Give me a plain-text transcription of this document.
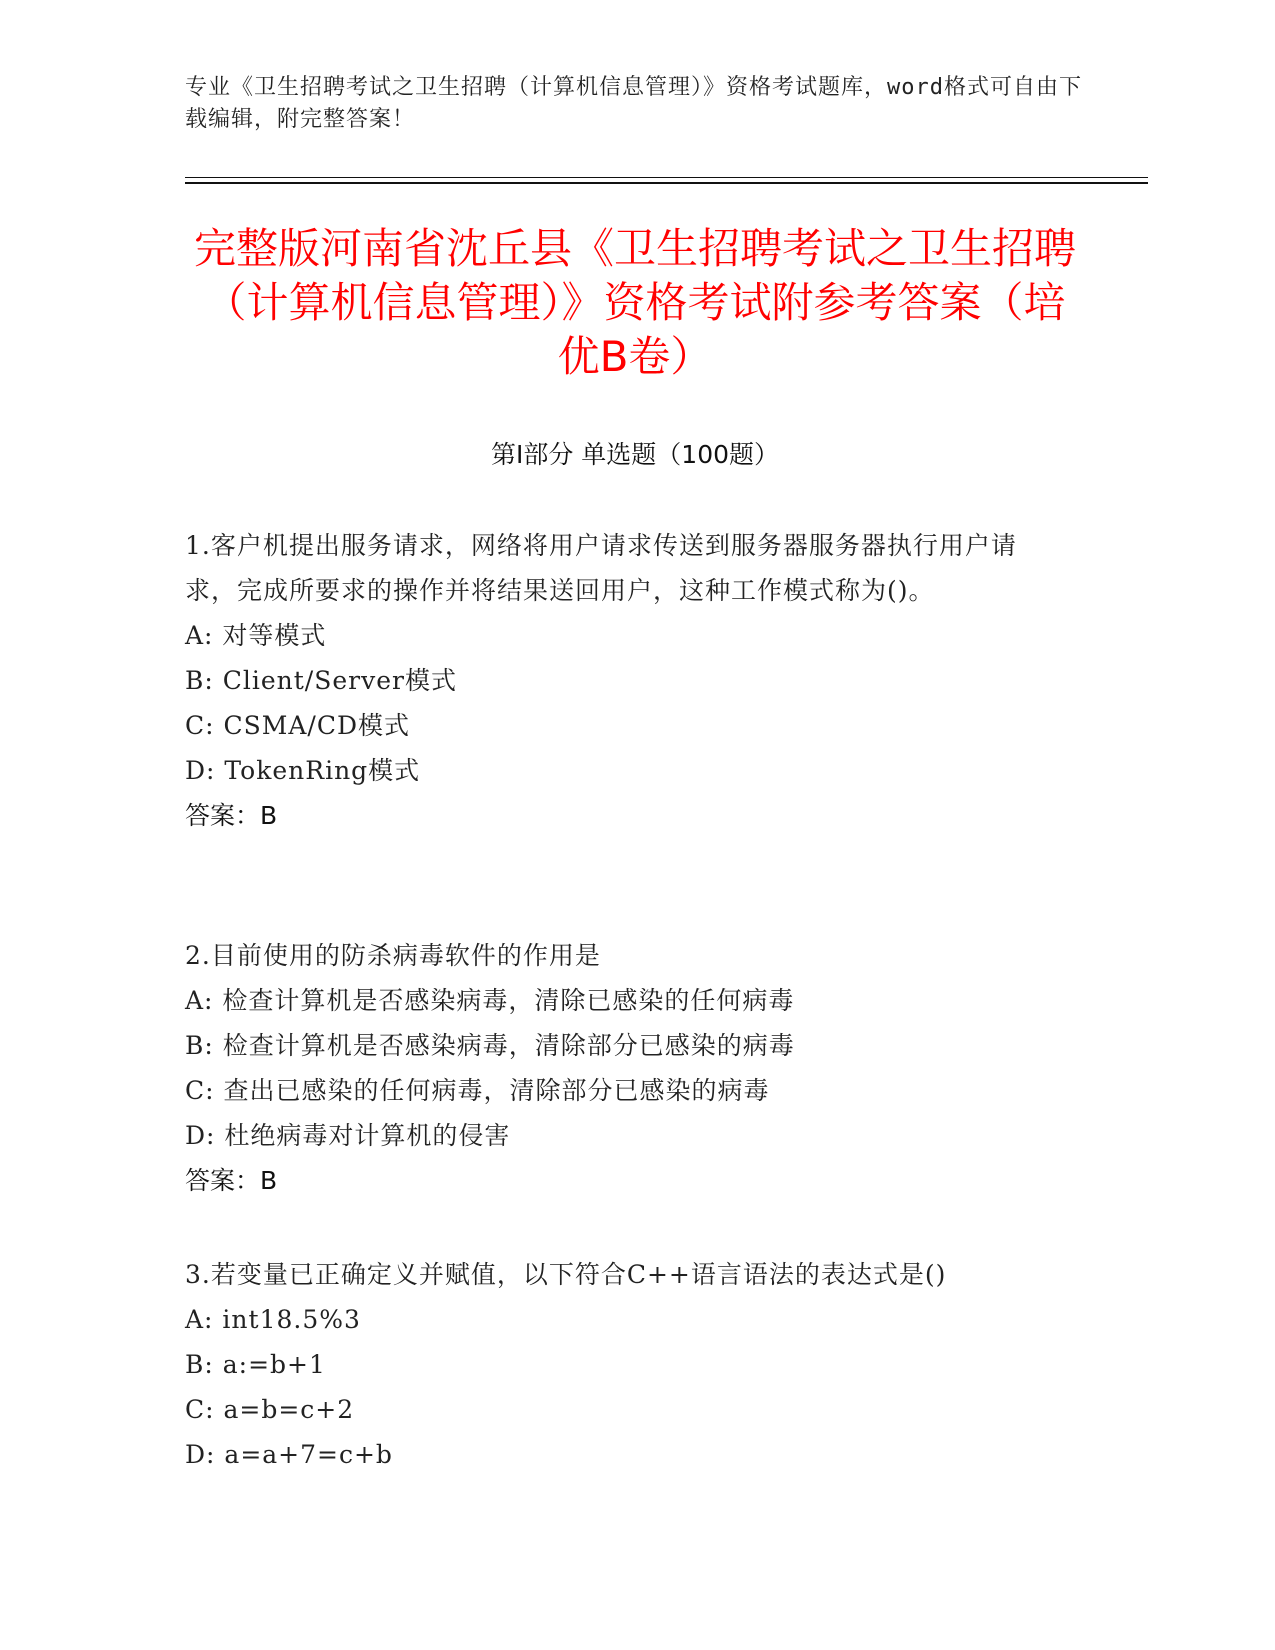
专业《卫生招聘考试之卫生招聘（计算机信息管理）》资格考试题库，word格式可自由下载编辑，附完整答案！
完整版河南省沈丘县《卫生招聘考试之卫生招聘（计算机信息管理）》资格考试附参考答案（培优B卷）
第I部分 单选题（100题）

1.客户机提出服务请求，网络将用户请求传送到服务器服务器执行用户请求，完成所要求的操作并将结果送回用户，这种工作模式称为()。

A: 对等模式

B: Client/Server模式

C: CSMA/CD模式

D: TokenRing模式

答案：B

2.目前使用的防杀病毒软件的作用是

A: 检查计算机是否感染病毒，清除已感染的任何病毒

B: 检查计算机是否感染病毒，清除部分已感染的病毒

C: 查出已感染的任何病毒，清除部分已感染的病毒

D: 杜绝病毒对计算机的侵害

答案：B

3.若变量已正确定义并赋值，以下符合C++语言语法的表达式是()

A: int18.5%3

B: a:=b+1

C: a=b=c+2

D: a=a+7=c+b
